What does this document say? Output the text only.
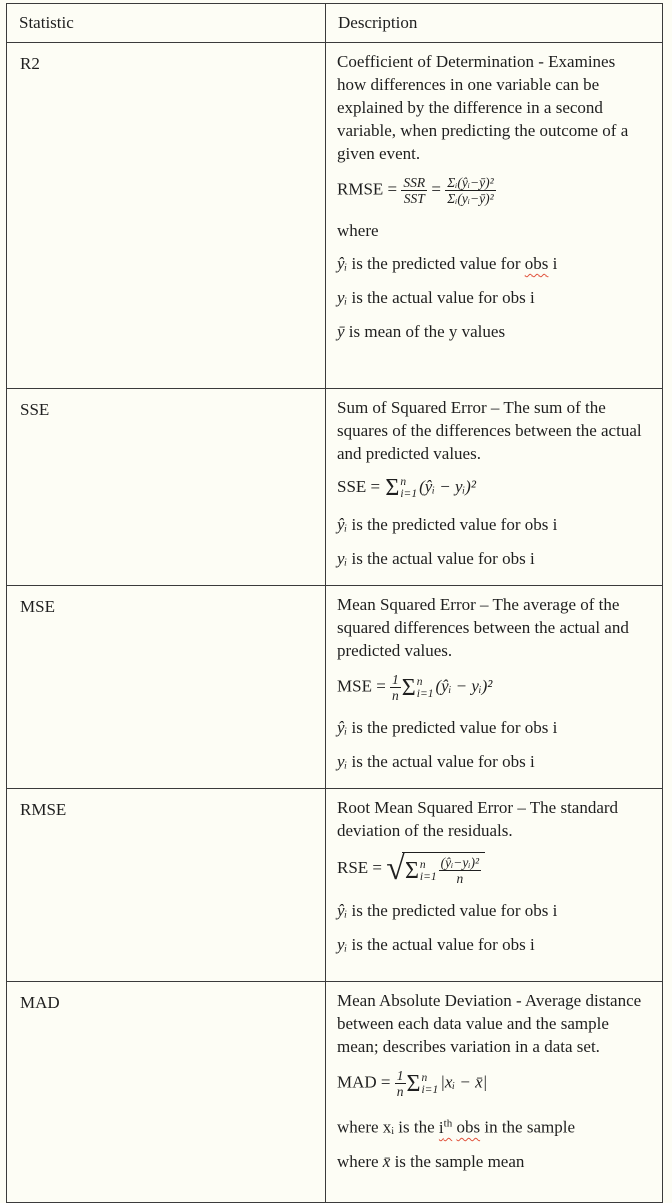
Statistic	Description
R2	Coefficient of Determination - Examines how differences in one variable can be explained by the difference in a second variable, when predicting the outcome of a given event.

RMSE = $\frac{\text{SSR}}{\text{SST}} = \frac{\text{Σᵢ(ŷᵢ−ȳ)²}}{\text{Σᵢ(yᵢ−ȳ)²}}$

where

ŷᵢ is the predicted value for obs i

yᵢ is the actual value for obs i

ȳ is mean of the y values

SSE	Sum of Squared Error – The sum of the squares of the differences between the actual and predicted values.

SSE = Σ n
i=1 (ŷᵢ − yᵢ)²

ŷᵢ is the predicted value for obs i

yᵢ is the actual value for obs i

MSE	Mean Squared Error – The average of the squared differences between the actual and predicted values.

MSE = $\frac{1}{n}$ Σ n
i=1 (ŷᵢ − yᵢ)²

ŷᵢ is the predicted value for obs i

yᵢ is the actual value for obs i

RMSE	Root Mean Squared Error – The standard deviation of the residuals.

RSE = √ Σ n
$i=1 \frac{\text{(ŷᵢ−yᵢ)²}}{n}$

ŷᵢ is the predicted value for obs i

yᵢ is the actual value for obs i

MAD	Mean Absolute Deviation - Average distance between each data value and the sample mean; describes variation in a data set.

MAD = $\frac{1}{n}$ Σ n
i=1 |xᵢ − x̄|

where xᵢ is the $i^{th}$ obs in the sample

where x̄ is the sample mean
